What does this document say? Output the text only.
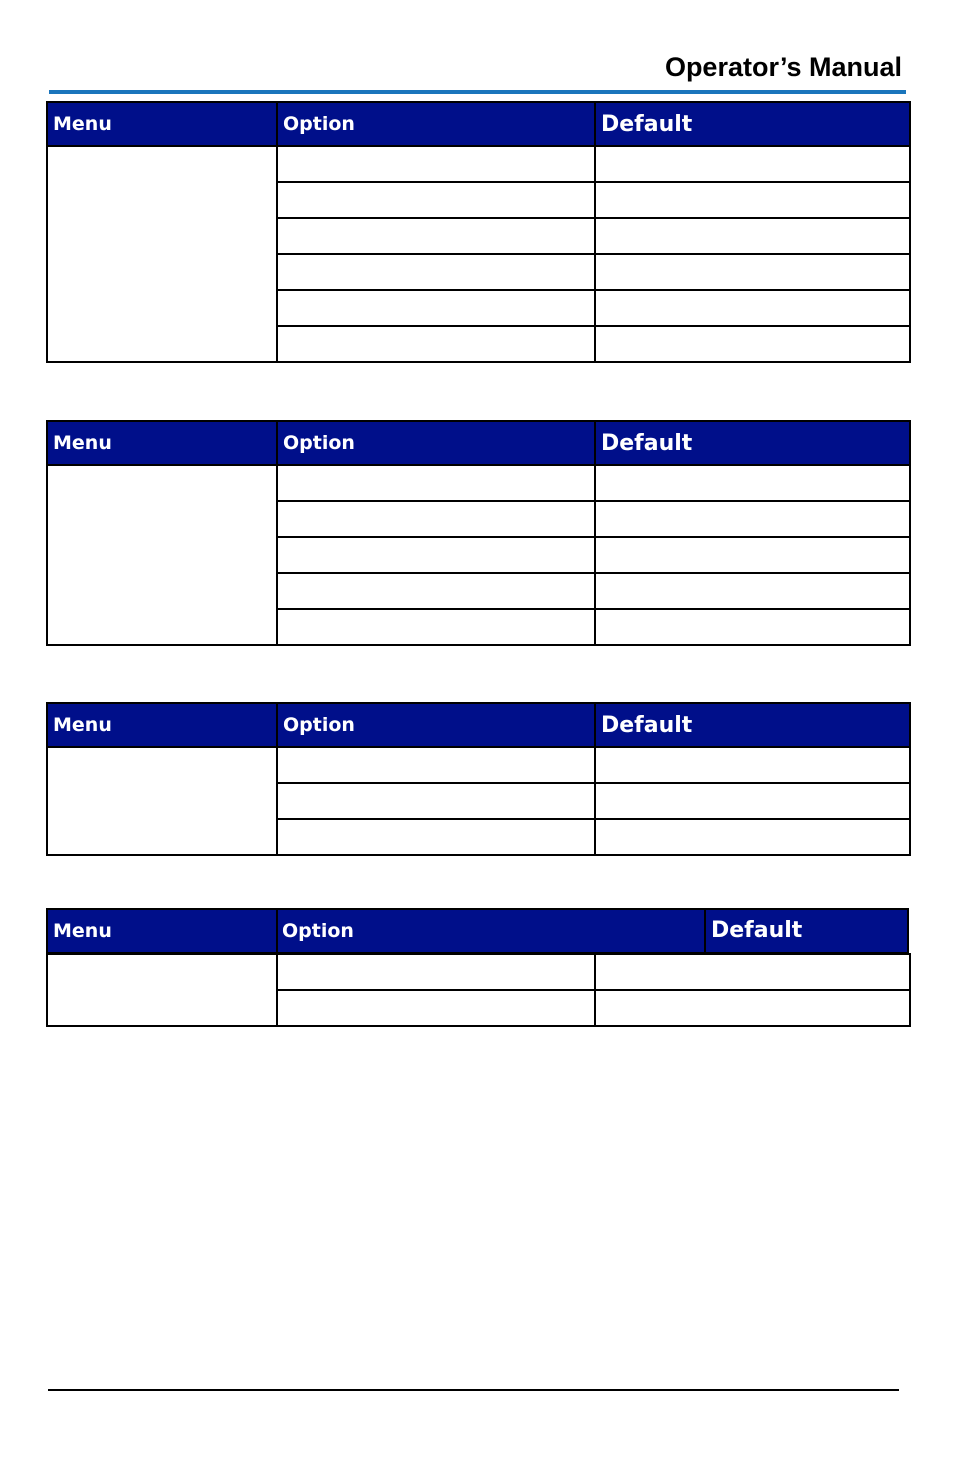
Operator’s Manual
Menu	Option	Default

Menu	Option	Default

Menu	Option	Default

Menu	Option	Default
